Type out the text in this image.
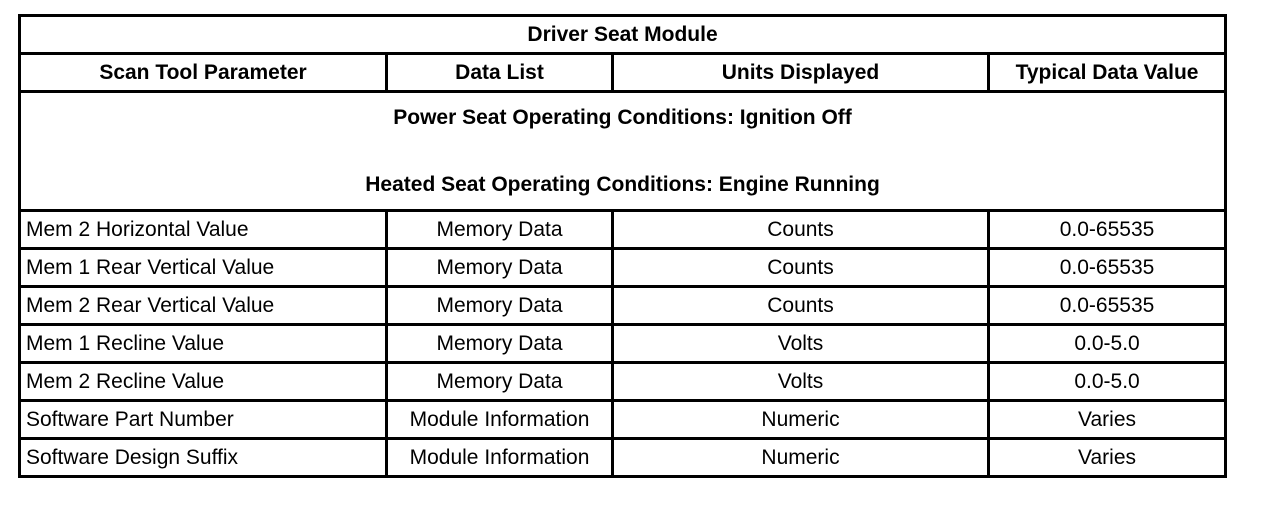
Driver Seat Module			
Scan Tool Parameter	Data List	Units Displayed	Typical Data Value

Power Seat Operating Conditions: Ignition Off
Heated Seat Operating Conditions: Engine Running			

Mem 2 Horizontal Value	Memory Data	Counts	0.0-65535
Mem 1 Rear Vertical Value	Memory Data	Counts	0.0-65535
Mem 2 Rear Vertical Value	Memory Data	Counts	0.0-65535
Mem 1 Recline Value	Memory Data	Volts	0.0-5.0
Mem 2 Recline Value	Memory Data	Volts	0.0-5.0
Software Part Number	Module Information	Numeric	Varies
Software Design Suffix	Module Information	Numeric	Varies
